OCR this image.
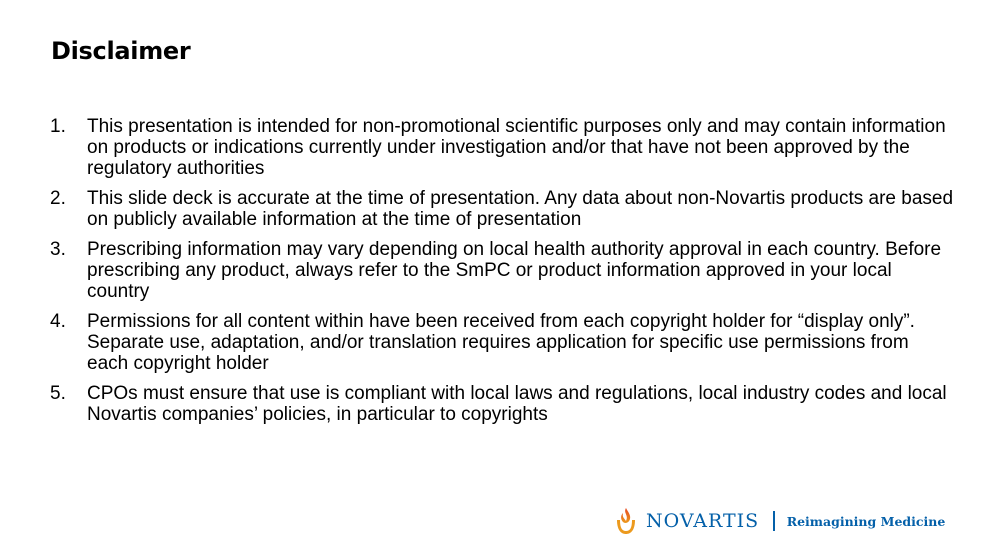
Disclaimer
1. This presentation is intended for non-promotional scientific purposes only and may contain information on products or indications currently under investigation and/or that have not been approved by the regulatory authorities
2. This slide deck is accurate at the time of presentation. Any data about non-Novartis products are based on publicly available information at the time of presentation
3. Prescribing information may vary depending on local health authority approval in each country. Before prescribing any product, always refer to the SmPC or product information approved in your local country
4. Permissions for all content within have been received from each copyright holder for “display only”. Separate use, adaptation, and/or translation requires application for specific use permissions from each copyright holder
5. CPOs must ensure that use is compliant with local laws and regulations, local industry codes and local Novartis companies’ policies, in particular to copyrights
NOVARTIS Reimagining Medicine
